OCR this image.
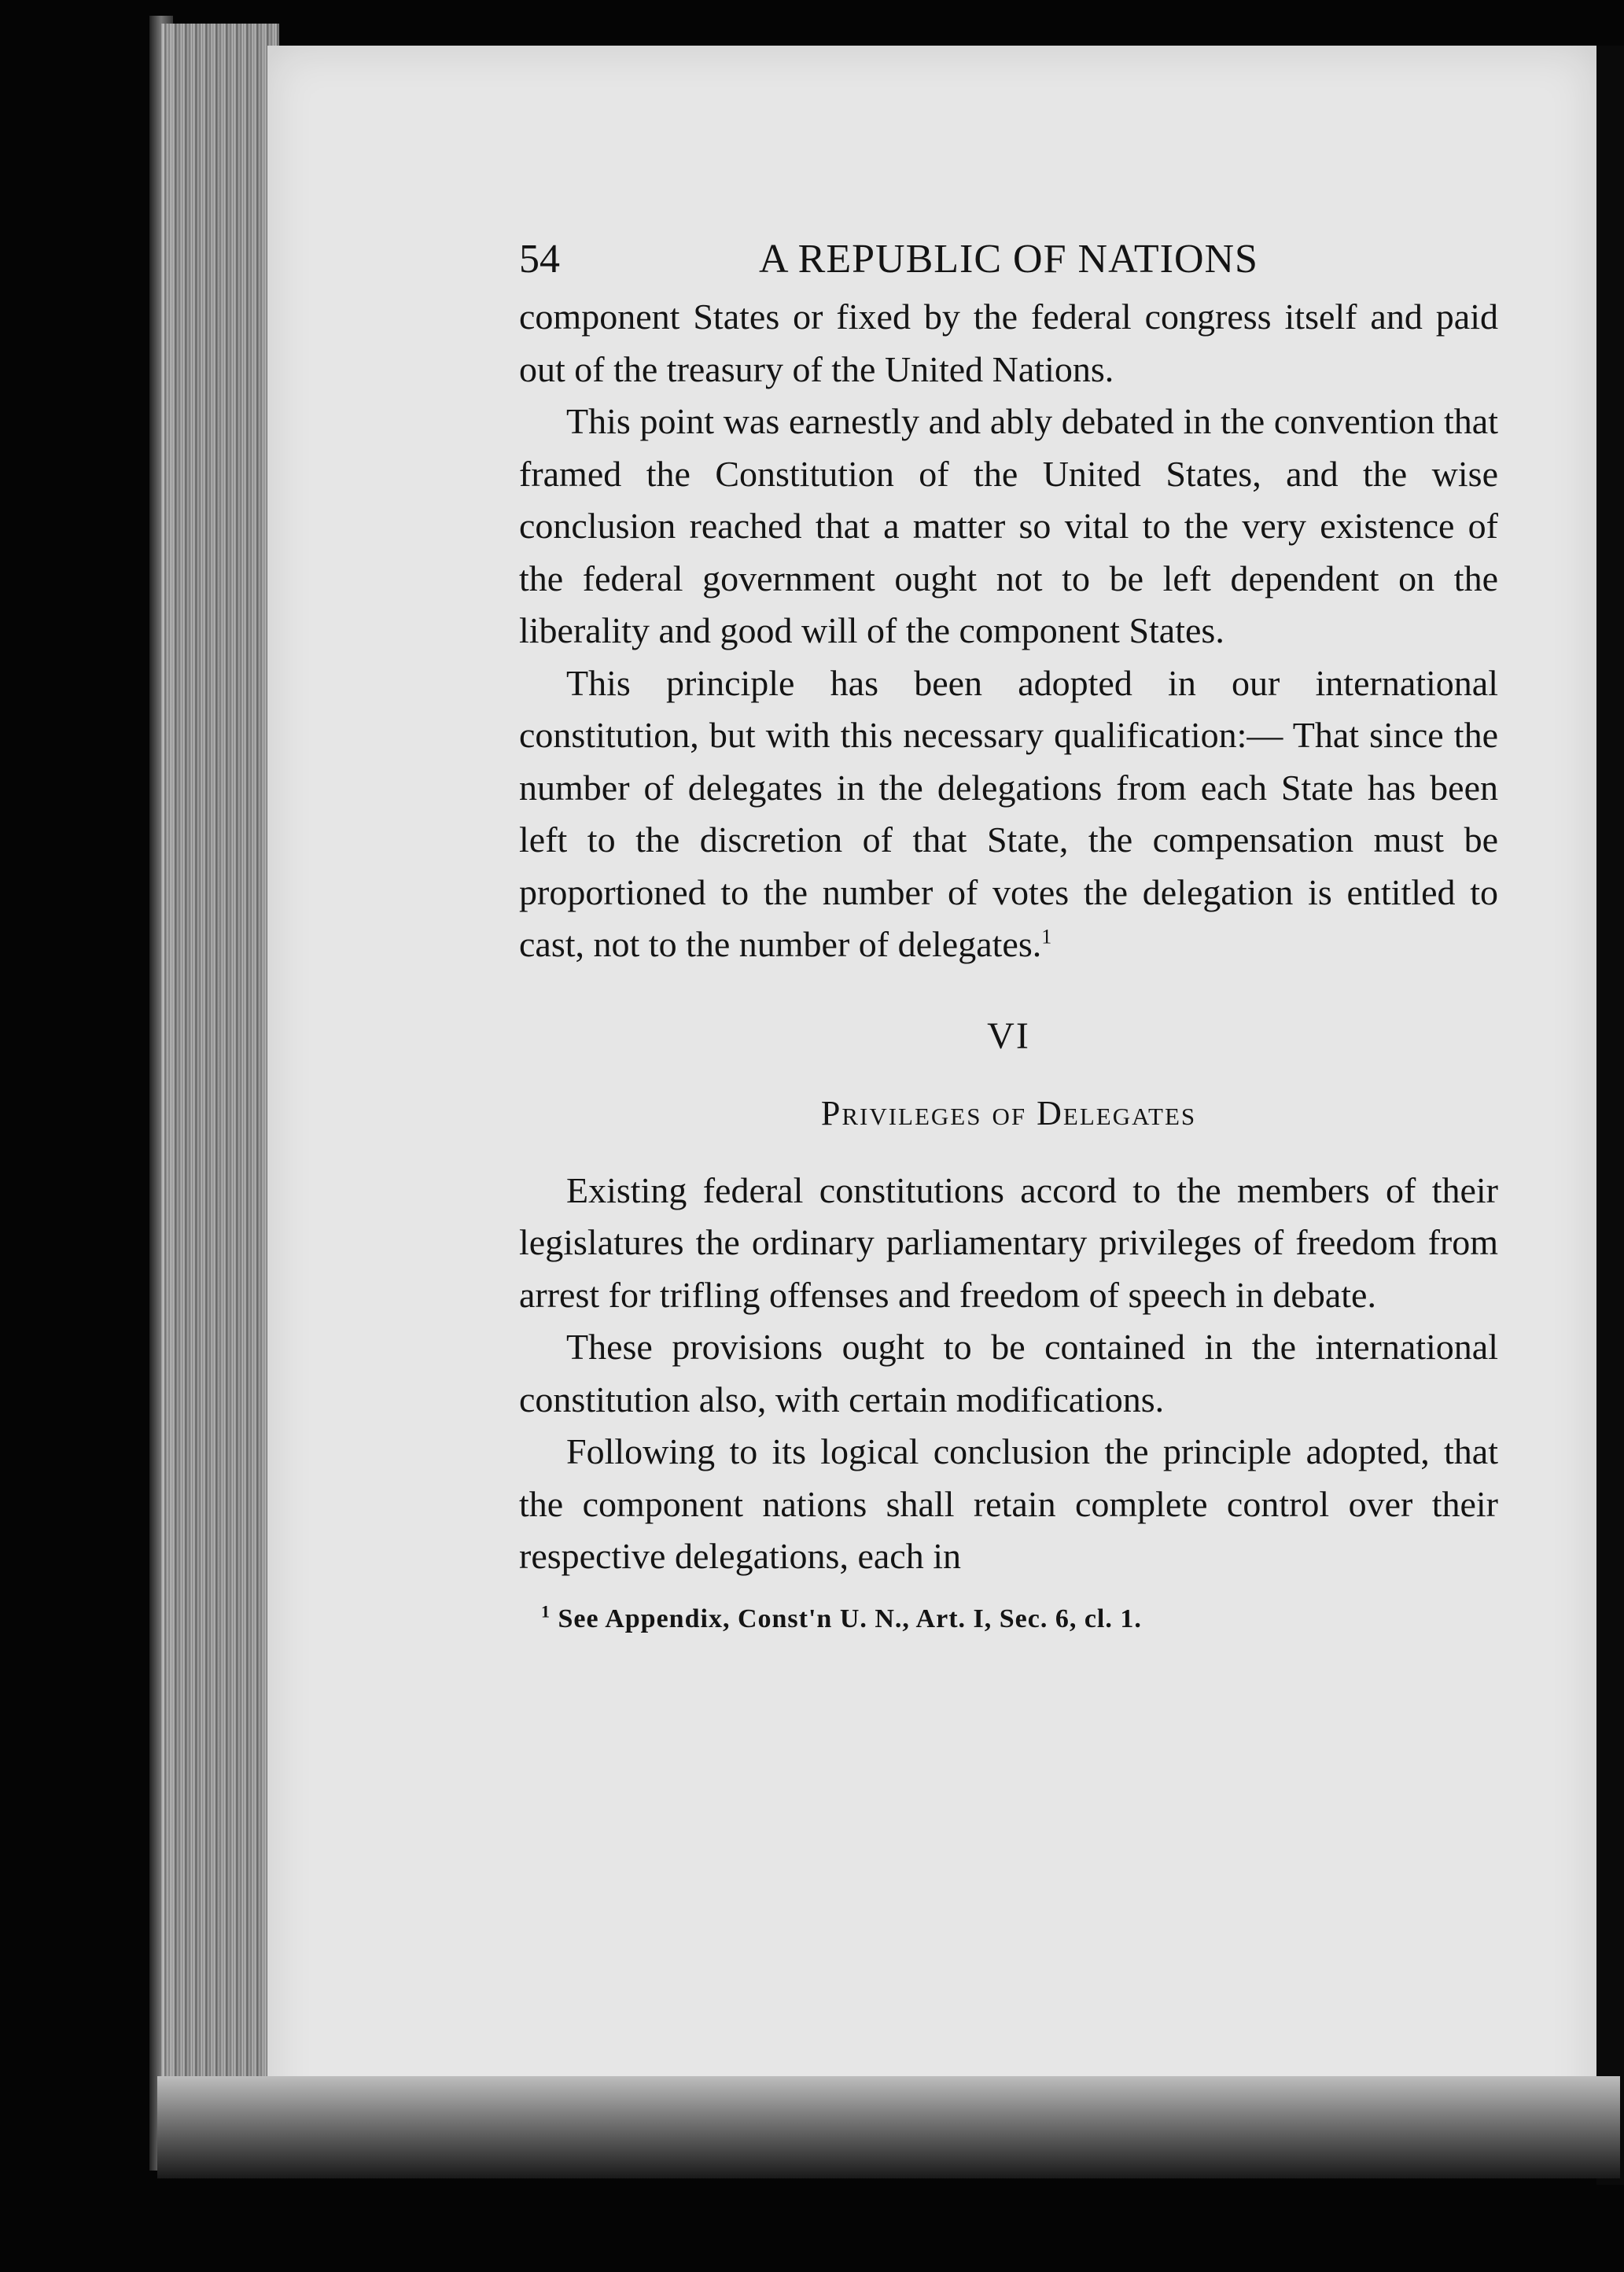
54	A REPUBLIC OF NATIONS

component States or fixed by the federal congress itself and paid out of the treasury of the United Nations.

This point was earnestly and ably debated in the convention that framed the Constitution of the United States, and the wise conclusion reached that a matter so vital to the very existence of the federal government ought not to be left dependent on the liberality and good will of the component States.

This principle has been adopted in our international constitution, but with this necessary qualification:— That since the number of delegates in the delegations from each State has been left to the discretion of that State, the compensation must be proportioned to the number of votes the delegation is entitled to cast, not to the number of delegates.$^1$

VI
Privileges of Delegates

Existing federal constitutions accord to the members of their legislatures the ordinary parliamentary privileges of freedom from arrest for trifling offenses and freedom of speech in debate.

These provisions ought to be contained in the international constitution also, with certain modifications.

Following to its logical conclusion the principle adopted, that the component nations shall retain complete control over their respective delegations, each in

$^1$ See Appendix, Const'n U. N., Art. I, Sec. 6, cl. 1.
